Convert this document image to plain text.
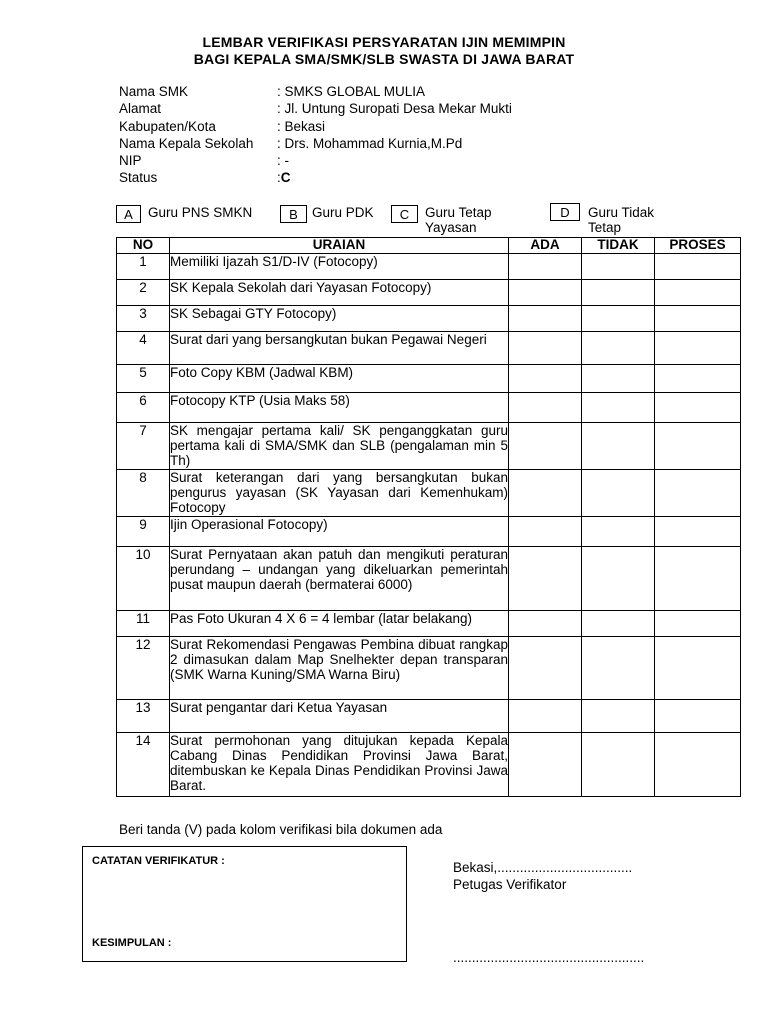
LEMBAR VERIFIKASI PERSYARATAN IJIN MEMIMPIN
BAGI KEPALA SMA/SMK/SLB SWASTA DI JAWA BARAT
Nama SMK	: SMKS GLOBAL MULIA
Alamat	: Jl. Untung Suropati Desa Mekar Mukti
Kabupaten/Kota	: Bekasi
Nama Kepala Sekolah : Drs. Mohammad Kurnia,M.Pd
NIP	: -
Status	:C
A	Guru PNS SMKN	B	Guru PDK	C	Guru Tetap Yayasan
D	Guru Tidak Tetap
NO	URAIAN	ADA	TIDAK	PROSES
1	Memiliki Ijazah S1/D-IV (Fotocopy)			
2	SK Kepala Sekolah dari Yayasan Fotocopy)			
3	SK Sebagai GTY Fotocopy)			
4	Surat dari yang bersangkutan bukan Pegawai Negeri			
5	Foto Copy KBM (Jadwal KBM)			
6	Fotocopy KTP (Usia Maks 58)			
7	SK mengajar pertama kali/ SK penganggkatan guru pertama kali di SMA/SMK dan SLB (pengalaman min 5 Th)			
8	Surat keterangan dari yang bersangkutan bukan pengurus yayasan (SK Yayasan dari Kemenhukam) Fotocopy			
9	Ijin Operasional Fotocopy)			
10	Surat Pernyataan akan patuh dan mengikuti peraturan perundang – undangan yang dikeluarkan pemerintah pusat maupun daerah (bermaterai 6000)			
11	Pas Foto Ukuran 4 X 6 = 4 lembar (latar belakang)			
12	Surat Rekomendasi Pengawas Pembina dibuat rangkap 2 dimasukan dalam Map Snelhekter depan transparan (SMK Warna Kuning/SMA Warna Biru)			
13	Surat pengantar dari Ketua Yayasan			
14	Surat permohonan yang ditujukan kepada Kepala Cabang Dinas Pendidikan Provinsi Jawa Barat, ditembuskan ke Kepala Dinas Pendidikan Provinsi Jawa Barat.			
Beri tanda (V) pada kolom verifikasi bila dokumen ada
CATATAN VERIFIKATUR :
KESIMPULAN :
Bekasi,....................................
Petugas Verifikator
...................................................
